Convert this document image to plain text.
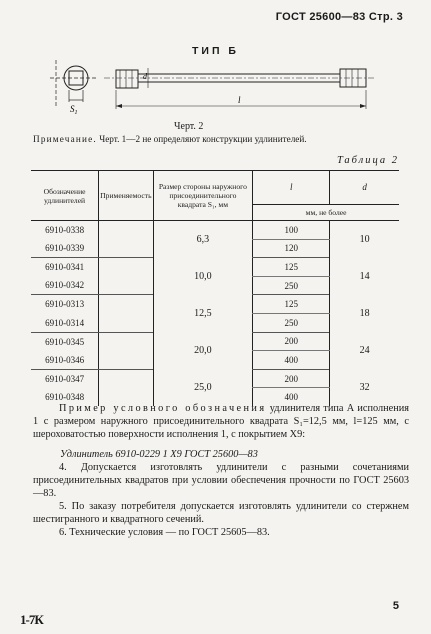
ГОСТ 25600—83 Стр. 3
ТИП Б
$S_1$
d
l
Черт. 2
Примечание. Черт. 1—2 не определяют конструкции удлинителей.
Таблица 2
Обозначение удлинителей	Применяемость	Размер стороны наружного присоединительного квадрата S₁, мм	l	d
			мм, не более	
6910-0338		6,3	100	10
6910-0339			120	
6910-0341		10,0	125	14
6910-0342			250	
6910-0313		12,5	125	18
6910-0314			250	
6910-0345		20,0	200	24
6910-0346			400	
6910-0347		25,0	200	32
6910-0348			400	
Пример условного обозначения удлинителя типа А исполнения 1 с размером наружного присоединительного квадрата S₁=12,5 мм, l=125 мм, с шероховатостью поверхности исполнения 1, с покрытием Х9:
Удлинитель 6910-0229 1 Х9 ГОСТ 25600—83
4. Допускается изготовлять удлинители с разными сочетаниями присоединительных квадратов при условии обеспечения прочности по ГОСТ 25603—83.
5. По заказу потребителя допускается изготовлять удлинители со стержнем шестигранного и квадратного сечений.
6. Технические условия — по ГОСТ 25605—83.
5
1-7К
